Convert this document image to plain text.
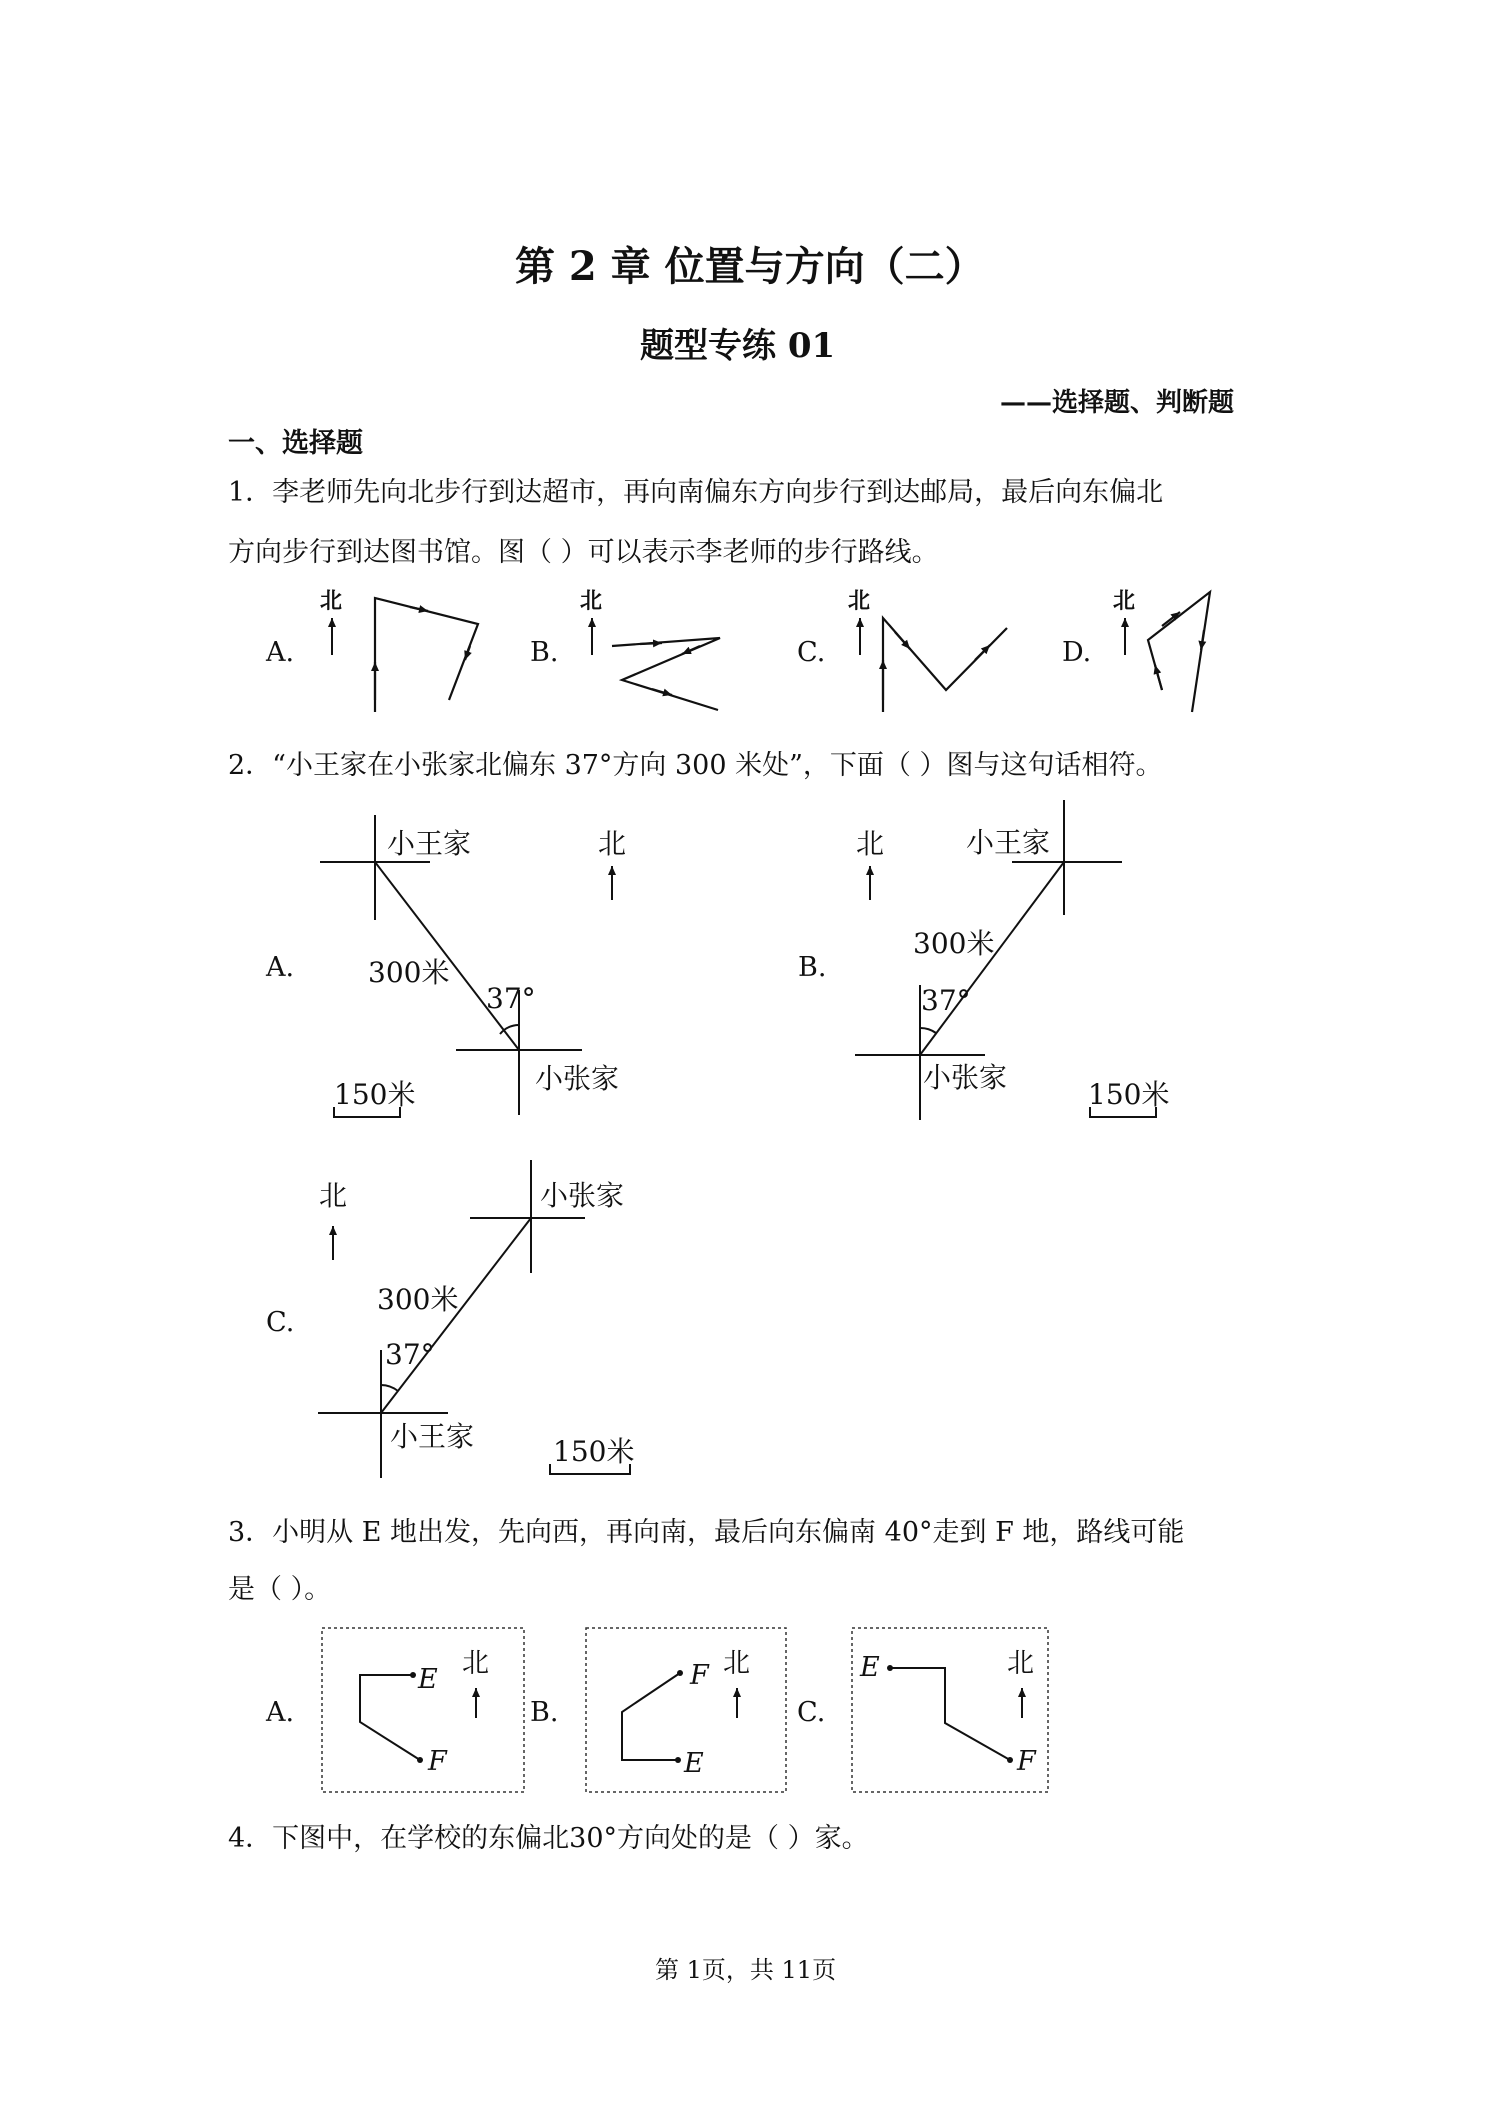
第 2 章 位置与方向（二）
题型专练 01
——选择题、判断题
一、选择题
1．李老师先向北步行到达超市，再向南偏东方向步行到达邮局，最后向东偏北
方向步行到达图书馆。图（ ）可以表示李老师的步行路线。
A.	B.	C.	D.
北	北	北	北
2．“小王家在小张家北偏东 37°方向 300 米处”，下面（ ）图与这句话相符。
A.	B.
C.
小王家	北
300米
37°
小张家
150米
北	小王家
300米
37°
小张家
150米
北	小张家
300米
37°
小王家	150米
3．小明从 E 地出发，先向西，再向南，最后向东偏南 40°走到 F 地，路线可能
是（ ）。
A.	B.	C.
E
F
北	F
E
北	E
F
北
4．下图中，在学校的东偏北30°方向处的是（ ）家。
第 1页，共 11页
